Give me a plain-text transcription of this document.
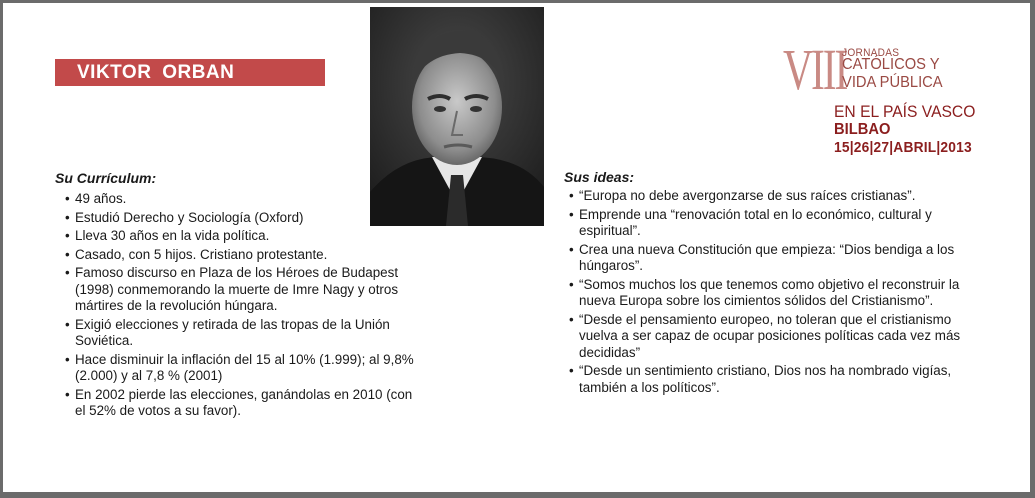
VIKTOR ORBAN	VIII
JORNADAS
CATÓLICOS Y
VIDA PÚBLICA
EN EL PAÍS VASCO
BILBAO
15|26|27|ABRIL|2013
Su Currículum:
• 49 años.
• Estudió Derecho y Sociología (Oxford)
• Lleva 30 años en la vida política.
• Casado, con 5 hijos. Cristiano protestante.
• Famoso discurso en Plaza de los Héroes de Budapest (1998) conmemorando la muerte de Imre Nagy y otros mártires de la revolución húngara.
• Exigió elecciones y retirada de las tropas de la Unión Soviética.
• Hace disminuir la inflación del 15 al 10% (1.999); al 9,8% (2.000) y al 7,8 % (2001)
• En 2002 pierde las elecciones, ganándolas en 2010 (con el 52% de votos a su favor).
Sus ideas:
• “Europa no debe avergonzarse de sus raíces cristianas”.
• Emprende una “renovación total en lo económico, cultural y espiritual”.
• Crea una nueva Constitución que empieza: “Dios bendiga a los húngaros”.
• “Somos muchos los que tenemos como objetivo el reconstruir la nueva Europa sobre los cimientos sólidos del Cristianismo”.
• “Desde el pensamiento europeo, no toleran que el cristianismo vuelva a ser capaz de ocupar posiciones políticas cada vez más decididas”
• “Desde un sentimiento cristiano, Dios nos ha nombrado vigías, también a los políticos”.
